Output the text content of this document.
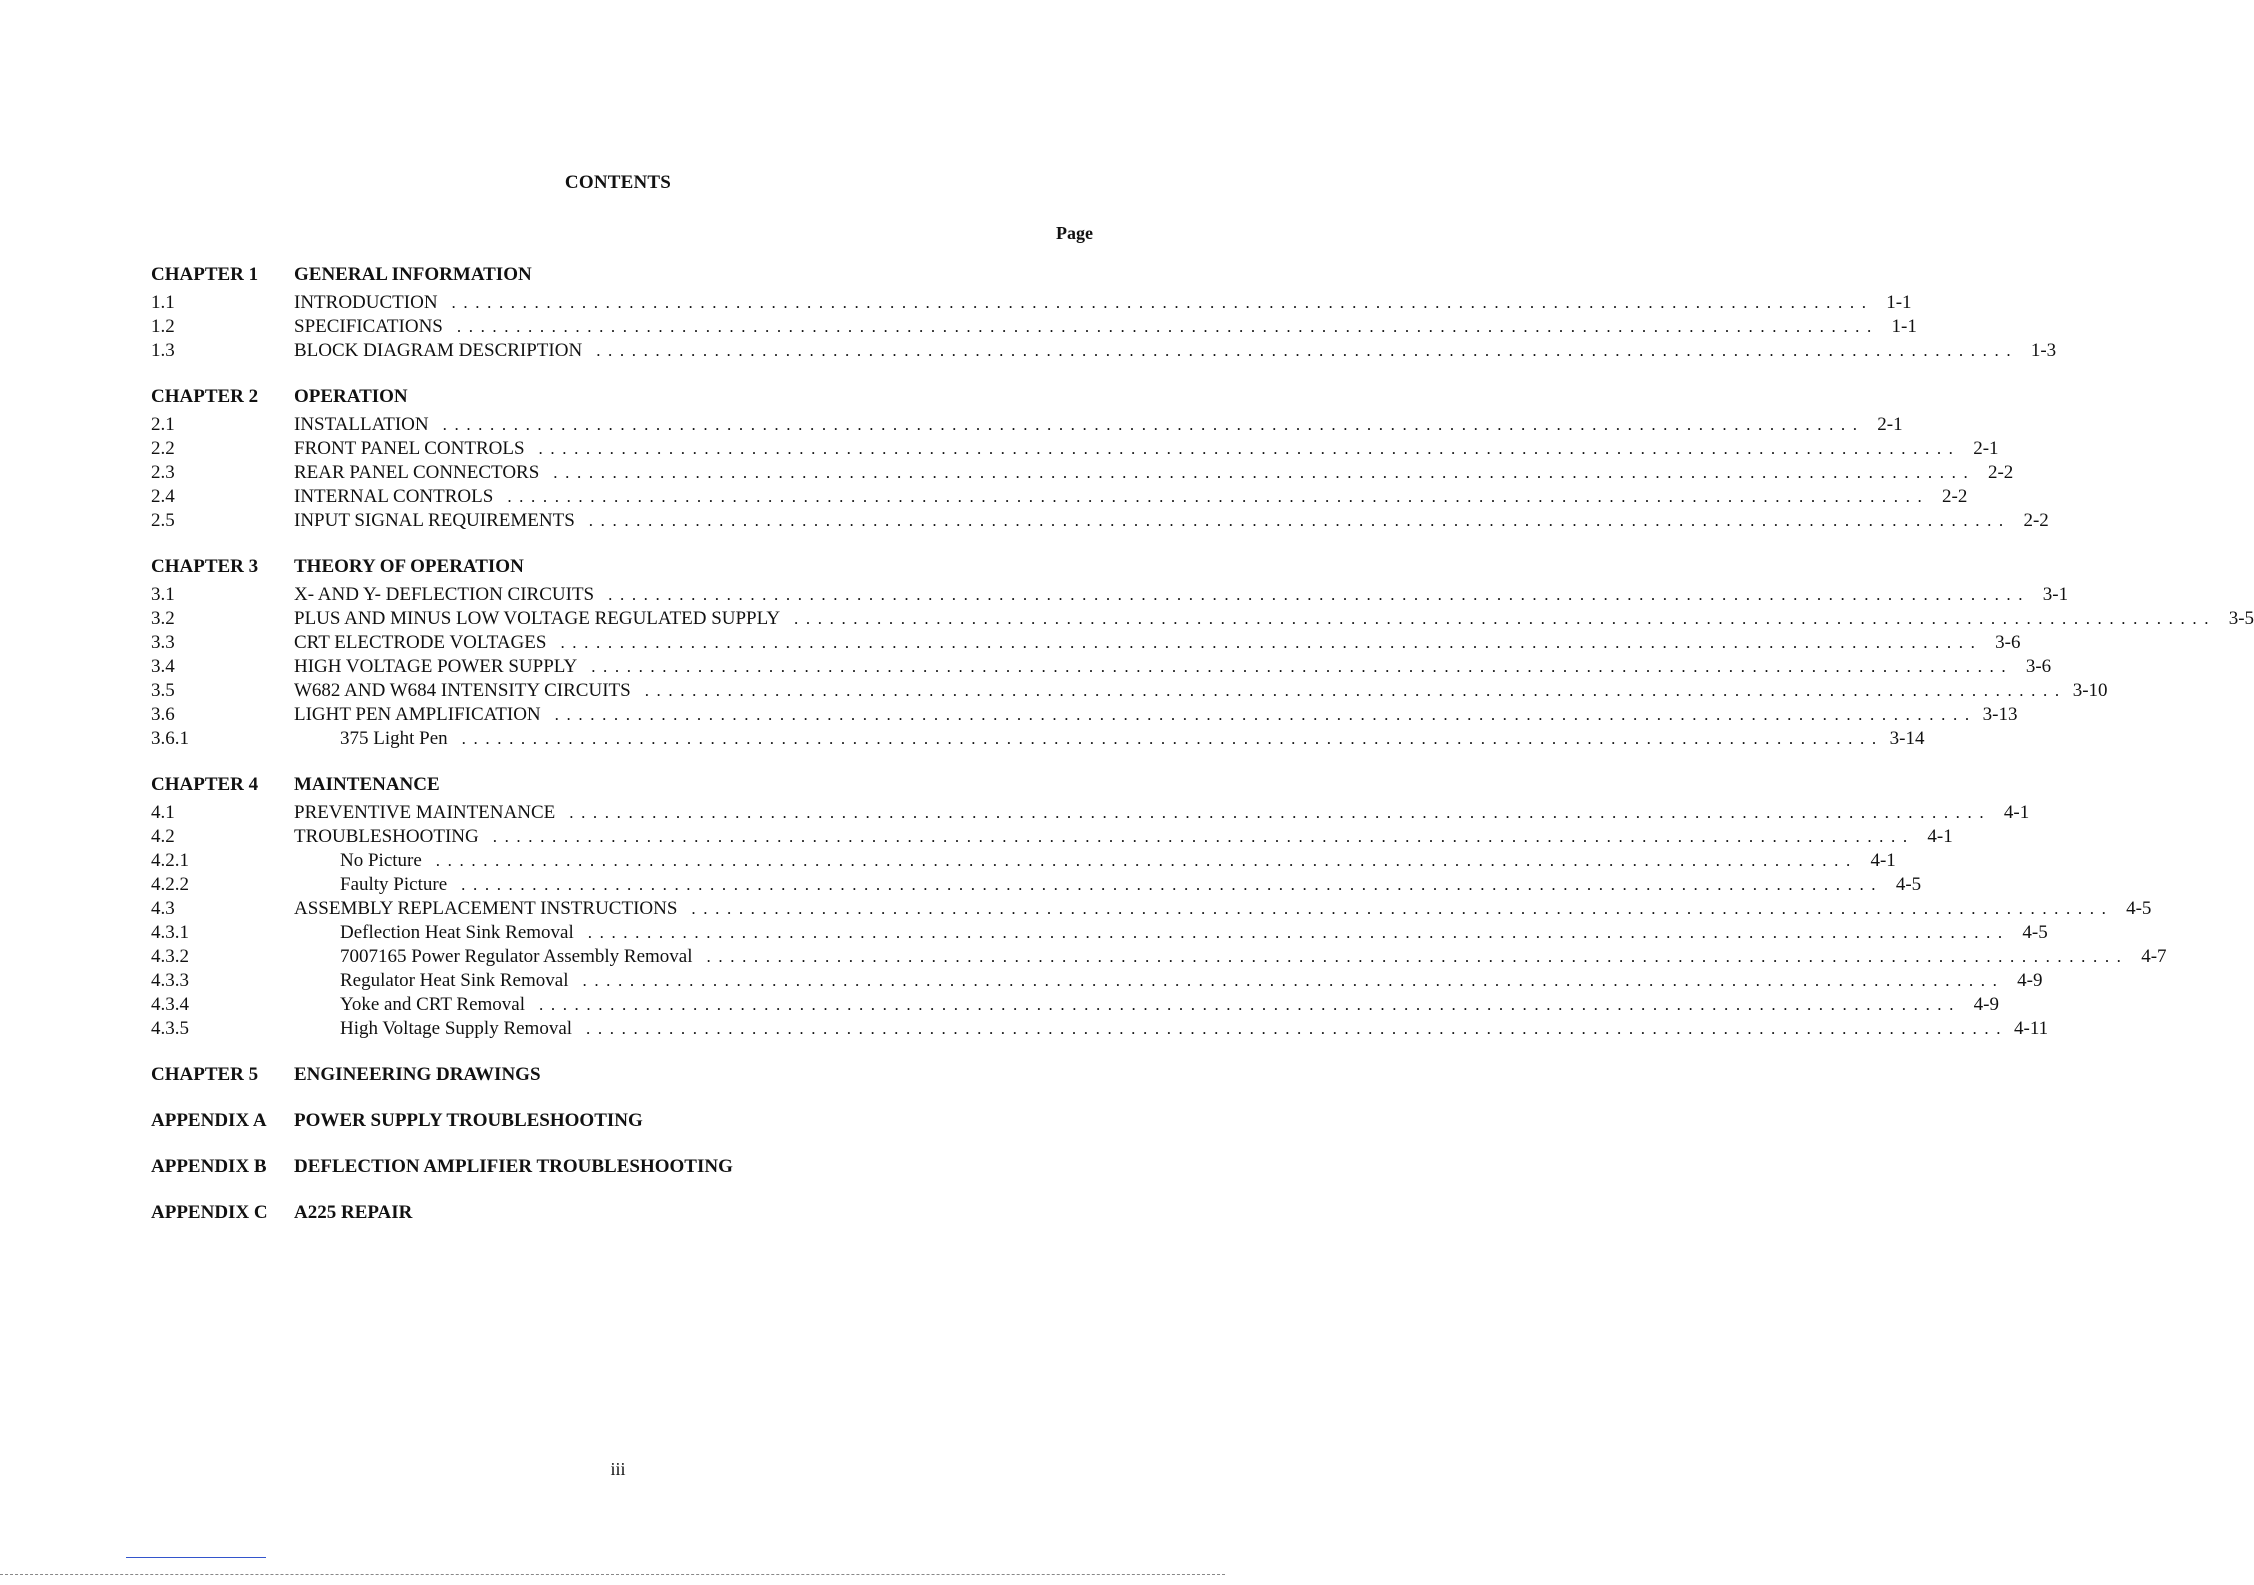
CONTENTS
Page
CHAPTER 1	GENERAL INFORMATION
1.1	INTRODUCTION ........................................................................................................................ 1-1
1.2	SPECIFICATIONS ........................................................................................................................ 1-1
1.3	BLOCK DIAGRAM DESCRIPTION ........................................................................................................................ 1-3
CHAPTER 2	OPERATION
2.1	INSTALLATION ........................................................................................................................ 2-1
2.2	FRONT PANEL CONTROLS ........................................................................................................................ 2-1
2.3	REAR PANEL CONNECTORS ........................................................................................................................ 2-2
2.4	INTERNAL CONTROLS ........................................................................................................................ 2-2
2.5	INPUT SIGNAL REQUIREMENTS ........................................................................................................................ 2-2
CHAPTER 3	THEORY OF OPERATION
3.1	X- AND Y- DEFLECTION CIRCUITS ........................................................................................................................ 3-1
3.2	PLUS AND MINUS LOW VOLTAGE REGULATED SUPPLY ........................................................................................................................ 3-5
3.3	CRT ELECTRODE VOLTAGES ........................................................................................................................ 3-6
3.4	HIGH VOLTAGE POWER SUPPLY ........................................................................................................................ 3-6
3.5	W682 AND W684 INTENSITY CIRCUITS ........................................................................................................................ 3-10
3.6	LIGHT PEN AMPLIFICATION ........................................................................................................................ 3-13
3.6.1	375 Light Pen ........................................................................................................................ 3-14
CHAPTER 4	MAINTENANCE
4.1	PREVENTIVE MAINTENANCE ........................................................................................................................ 4-1
4.2	TROUBLESHOOTING ........................................................................................................................ 4-1
4.2.1	No Picture ........................................................................................................................ 4-1
4.2.2	Faulty Picture ........................................................................................................................ 4-5
4.3	ASSEMBLY REPLACEMENT INSTRUCTIONS ........................................................................................................................ 4-5
4.3.1	Deflection Heat Sink Removal ........................................................................................................................ 4-5
4.3.2	7007165 Power Regulator Assembly Removal ........................................................................................................................ 4-7
4.3.3	Regulator Heat Sink Removal ........................................................................................................................ 4-9
4.3.4	Yoke and CRT Removal ........................................................................................................................ 4-9
4.3.5	High Voltage Supply Removal ........................................................................................................................ 4-11
CHAPTER 5	ENGINEERING DRAWINGS
APPENDIX A	POWER SUPPLY TROUBLESHOOTING
APPENDIX B	DEFLECTION AMPLIFIER TROUBLESHOOTING
APPENDIX C	A225 REPAIR
iii
